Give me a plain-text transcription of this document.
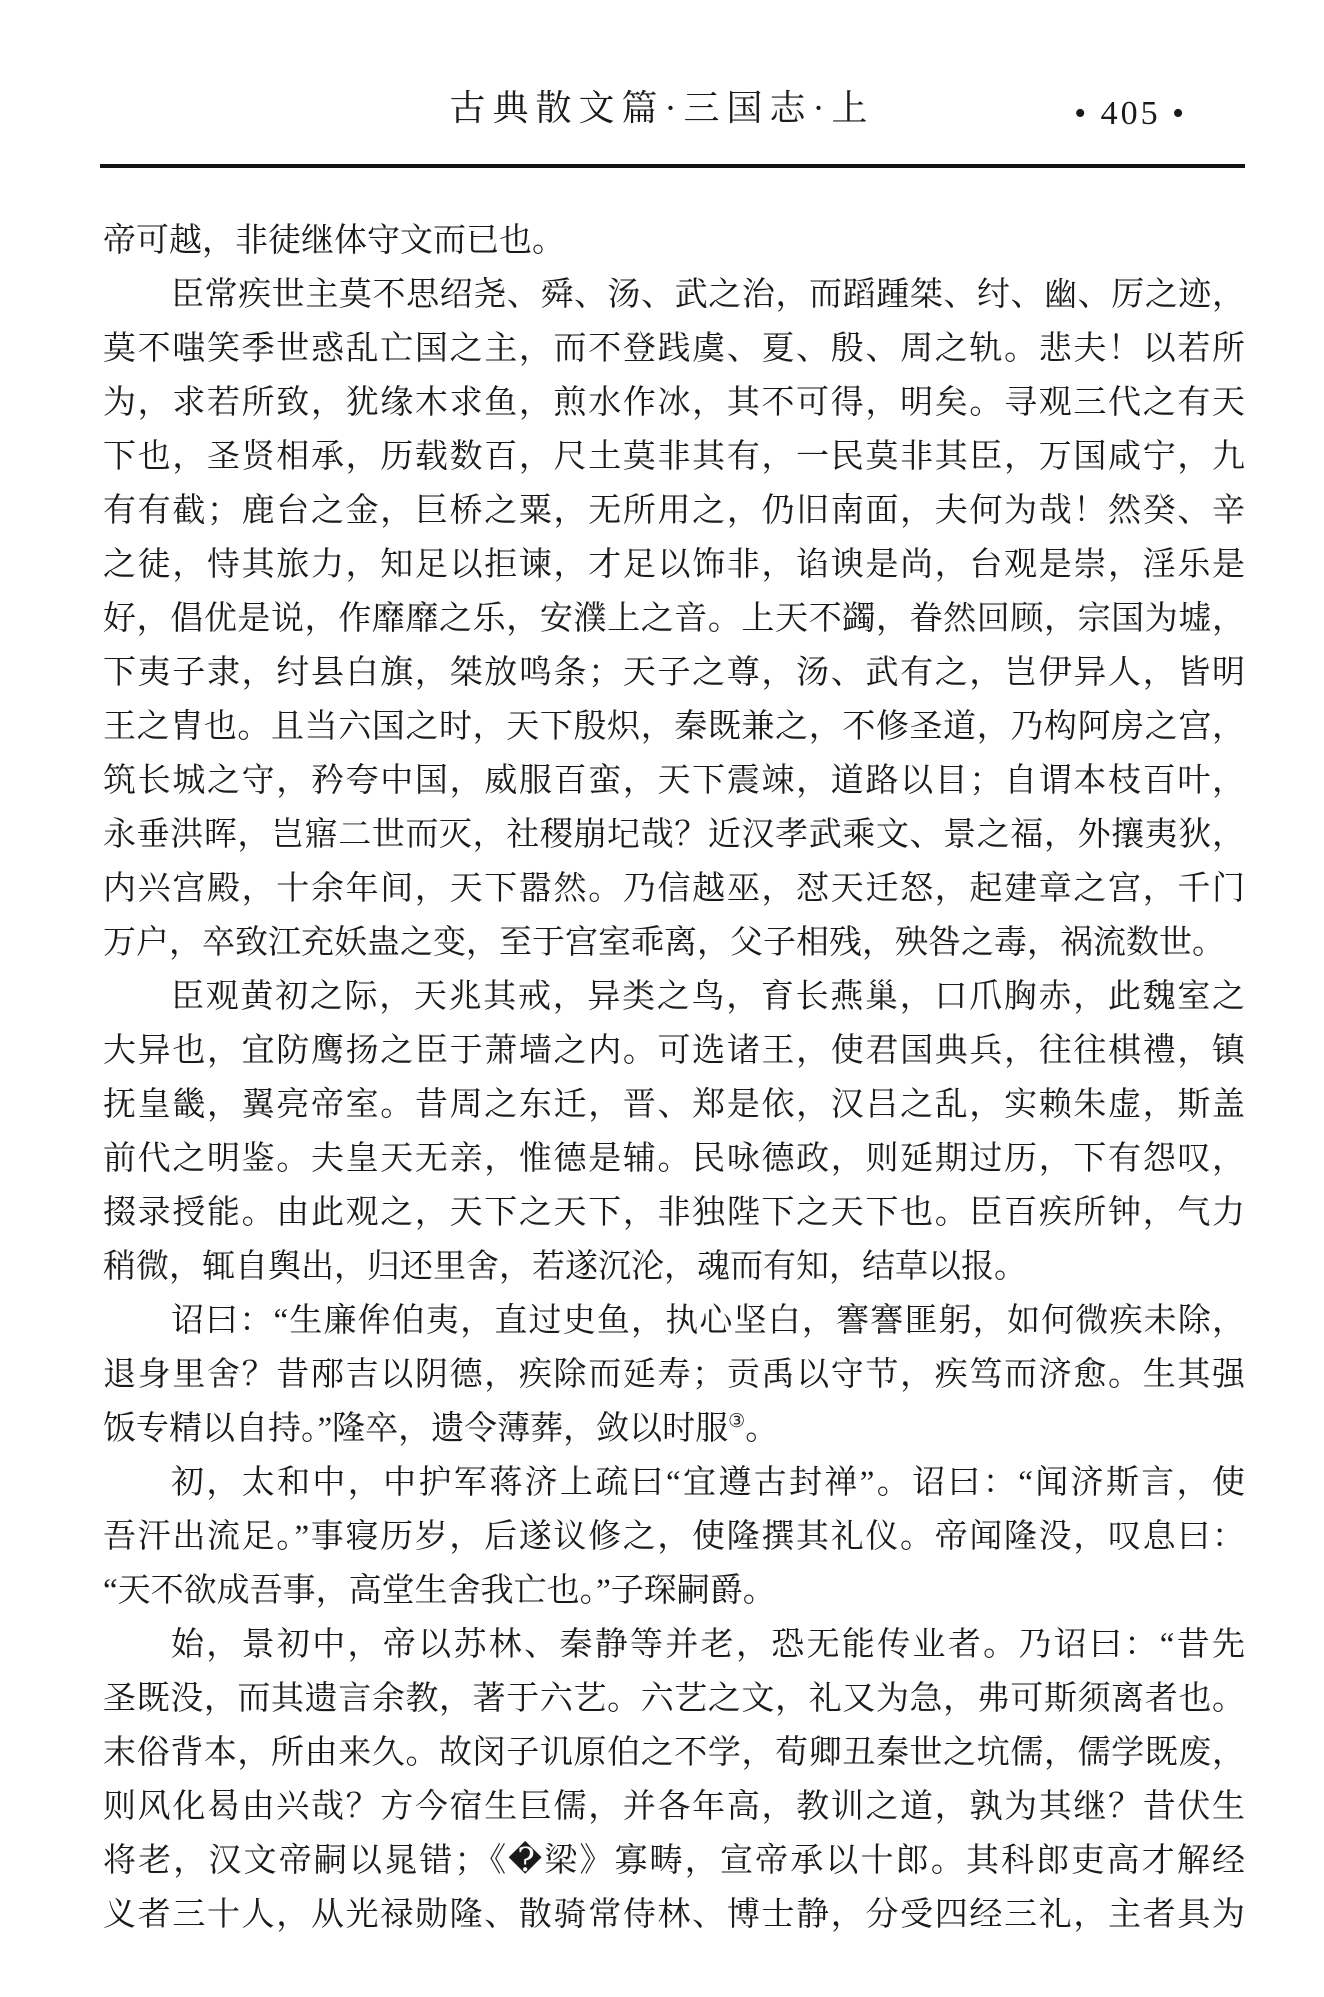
古典散文篇·三国志·上	• 405 •
帝可越，非徒继体守文而已也。
臣常疾世主莫不思绍尧、舜、汤、武之治，而蹈踵桀、纣、幽、厉之迹，
莫不嗤笑季世惑乱亡国之主，而不登践虞、夏、殷、周之轨。悲夫！以若所
为，求若所致，犹缘木求鱼，煎水作冰，其不可得，明矣。寻观三代之有天
下也，圣贤相承，历载数百，尺土莫非其有，一民莫非其臣，万国咸宁，九
有有截；鹿台之金，巨桥之粟，无所用之，仍旧南面，夫何为哉！然癸、辛
之徒，恃其旅力，知足以拒谏，才足以饰非，谄谀是尚，台观是崇，淫乐是
好，倡优是说，作靡靡之乐，安濮上之音。上天不蠲，眷然回顾，宗国为墟，
下夷子隶，纣县白旗，桀放鸣条；天子之尊，汤、武有之，岂伊异人，皆明
王之胄也。且当六国之时，天下殷炽，秦既兼之，不修圣道，乃构阿房之宫，
筑长城之守，矜夸中国，威服百蛮，天下震竦，道路以目；自谓本枝百叶，
永垂洪晖，岂寤二世而灭，社稷崩圮哉？近汉孝武乘文、景之福，外攘夷狄，
内兴宫殿，十余年间，天下嚣然。乃信越巫，怼天迁怒，起建章之宫，千门
万户，卒致江充妖蛊之变，至于宫室乖离，父子相残，殃咎之毒，祸流数世。
臣观黄初之际，天兆其戒，异类之鸟，育长燕巢，口爪胸赤，此魏室之
大异也，宜防鹰扬之臣于萧墙之内。可选诸王，使君国典兵，往往棋禮，镇
抚皇畿，翼亮帝室。昔周之东迁，晋、郑是依，汉吕之乱，实赖朱虚，斯盖
前代之明鉴。夫皇天无亲，惟德是辅。民咏德政，则延期过历，下有怨叹，
掇录授能。由此观之，天下之天下，非独陛下之天下也。臣百疾所钟，气力
稍微，辄自舆出，归还里舍，若遂沉沦，魂而有知，结草以报。
诏曰：“生廉侔伯夷，直过史鱼，执心坚白，謇謇匪躬，如何微疾未除，
退身里舍？昔邴吉以阴德，疾除而延寿；贡禹以守节，疾笃而济愈。生其强
饭专精以自持。”隆卒，遗令薄葬，敛以时服③。
初，太和中，中护军蒋济上疏曰“宜遵古封禅”。诏曰：“闻济斯言，使
吾汗出流足。”事寝历岁，后遂议修之，使隆撰其礼仪。帝闻隆没，叹息曰：
“天不欲成吾事，高堂生舍我亡也。”子琛嗣爵。
始，景初中，帝以苏林、秦静等并老，恐无能传业者。乃诏曰：“昔先
圣既没，而其遗言余教，著于六艺。六艺之文，礼又为急，弗可斯须离者也。
末俗背本，所由来久。故闵子讥原伯之不学，荀卿丑秦世之坑儒，儒学既废，
则风化曷由兴哉？方今宿生巨儒，并各年高，教训之道，孰为其继？昔伏生
将老，汉文帝嗣以晁错；《�梁》寡畴，宣帝承以十郎。其科郎吏高才解经
义者三十人，从光禄勋隆、散骑常侍林、博士静，分受四经三礼，主者具为
